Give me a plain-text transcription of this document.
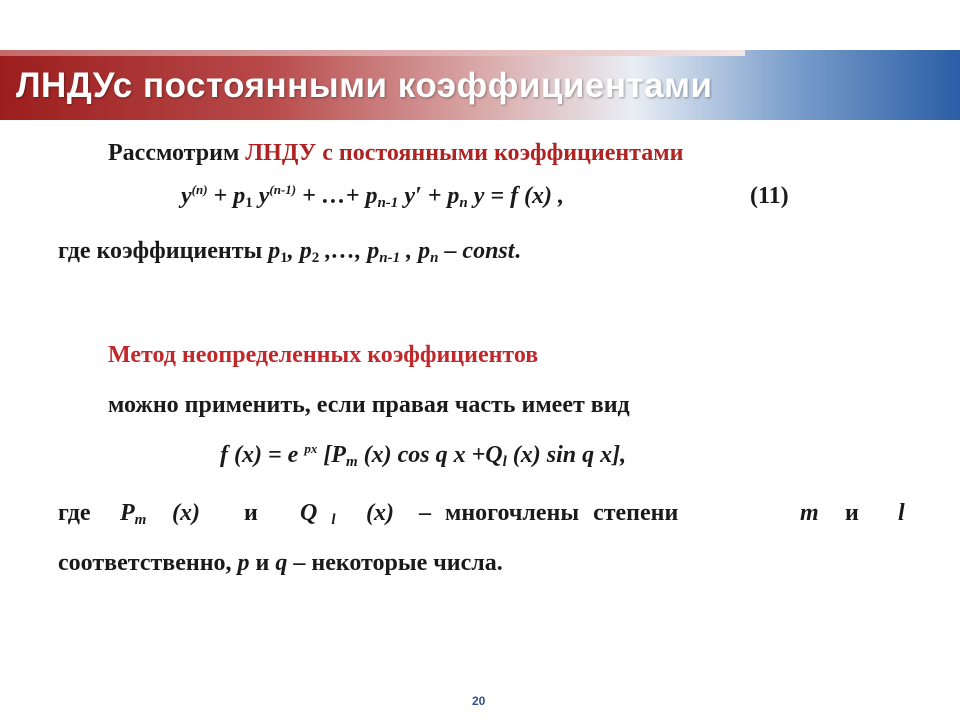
ЛНДУс постоянными коэффициентами
Рассмотрим ЛНДУ с постоянными коэффициентами
$y^{(n)} + p_1$ $y^{(n-1)}$ + …+ $p_{n-1}$ $y' + p_n$ y = f (x) ,	(11)
где коэффициенты $p_1$, $p_2$ ,…, $p_{n-1}$ , $p_n$ – const.
Метод неопределенных коэффициентов
можно применить, если правая часть имеет вид
f (x) = e $^{px}$ [$P_m$ (x) cos q $x +Q_l$ (x) sin q x],
где $P_m$ (x) и Q $_l$ (x) – многочлены степени	m и l
соответственно, p и q – некоторые числа.
20
